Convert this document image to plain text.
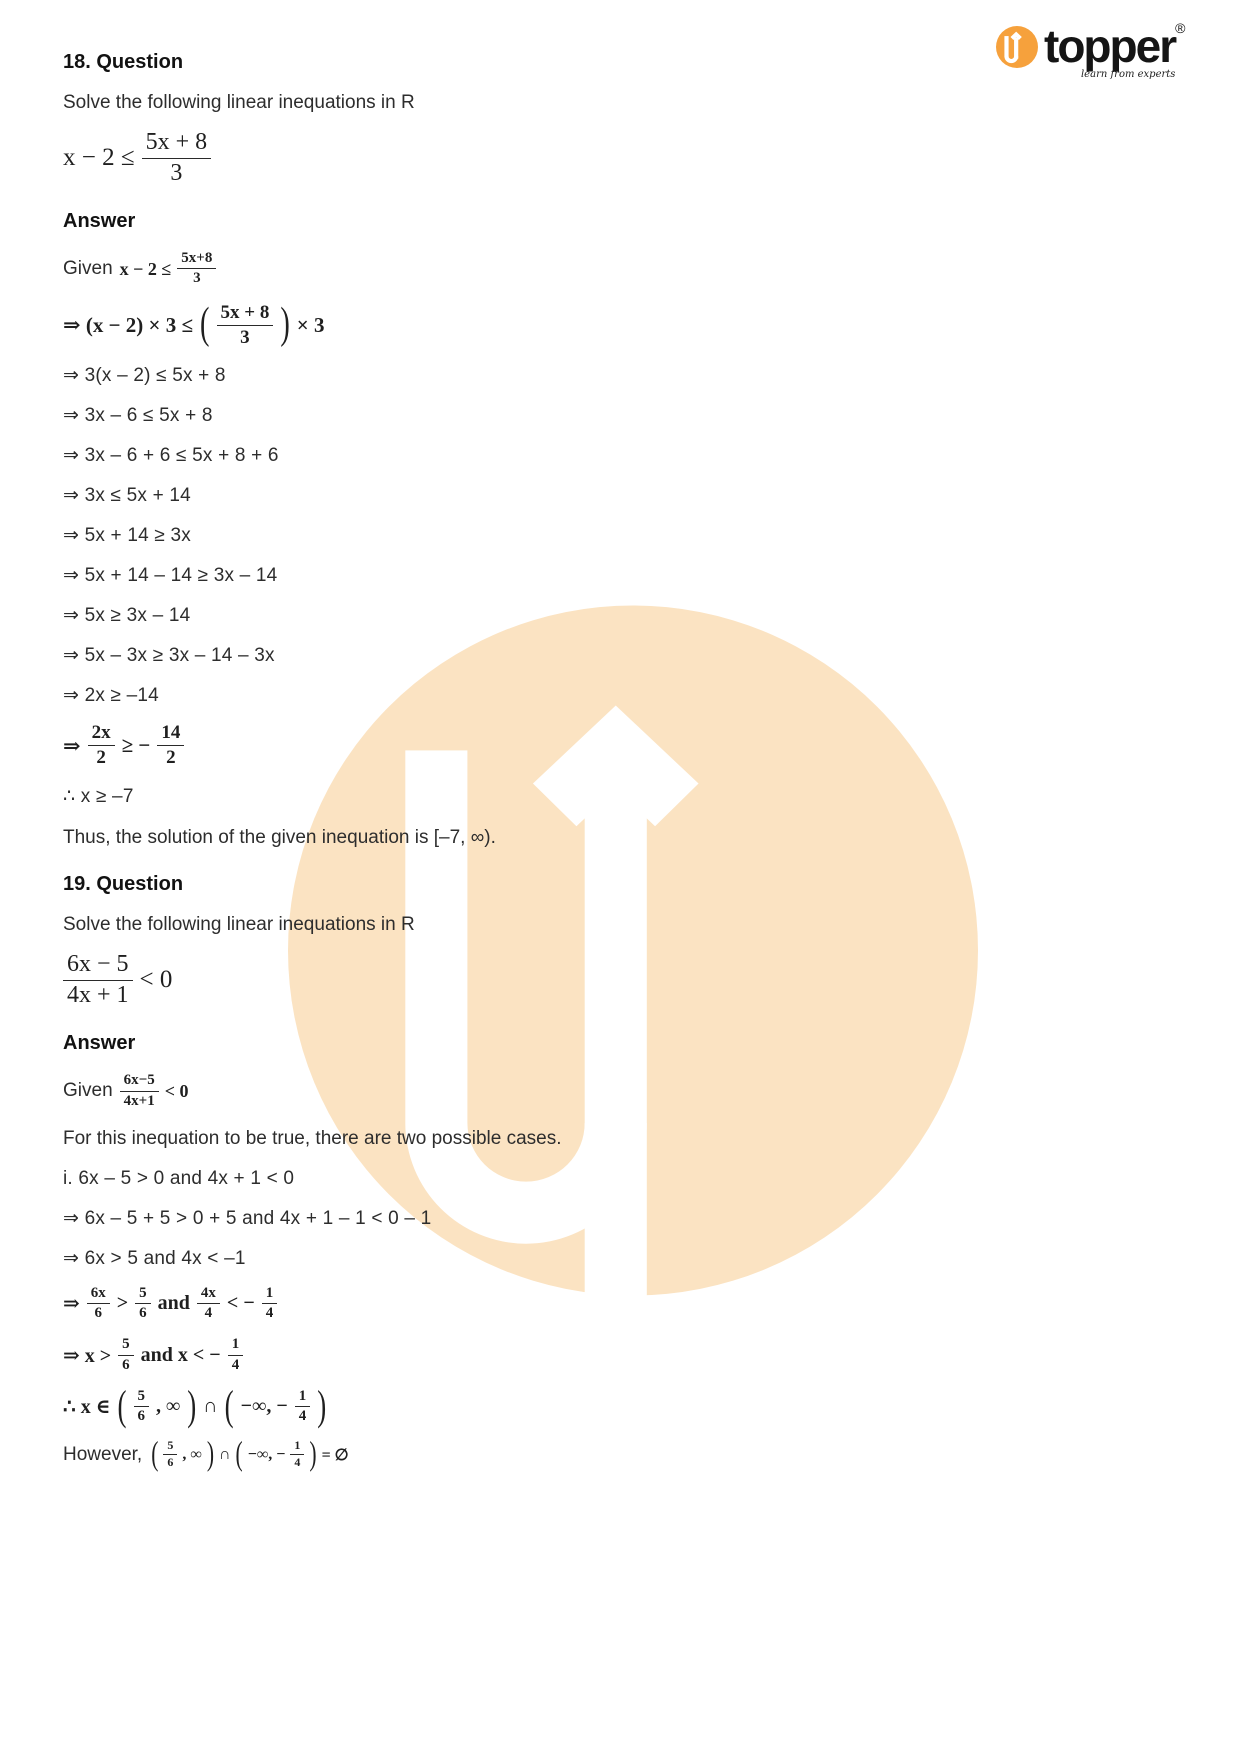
topper®
learn from experts
18. Question
Solve the following linear inequations in R
$x - 2 \le \frac{5x + 8}{3}$
Answer
Given $x - 2 \le \frac{5x+8}{3}$
⇒ (x − 2) × 3 ≤ ( $\frac{5x + 8}{3}$ ) × 3
⇒ 3(x – 2) ≤ 5x + 8
⇒ 3x – 6 ≤ 5x + 8
⇒ 3x – 6 + 6 ≤ 5x + 8 + 6
⇒ 3x ≤ 5x + 14
⇒ 5x + 14 ≥ 3x
⇒ 5x + 14 – 14 ≥ 3x – 14
⇒ 5x ≥ 3x – 14
⇒ 5x – 3x ≥ 3x – 14 – 3x
⇒ 2x ≥ –14
⇒ $\frac{2x}{2}$ ≥ − $\frac{14}{2}$
∴ x ≥ –7
Thus, the solution of the given inequation is [–7, ∞).
19. Question
Solve the following linear inequations in R
$\frac{6x - 5}{4x + 1} < 0$
Answer
Given $\frac{6x-5}{4x+1} < 0$
For this inequation to be true, there are two possible cases.
i. 6x – 5 > 0 and 4x + 1 < 0
⇒ 6x – 5 + 5 > 0 + 5 and 4x + 1 – 1 < 0 – 1
⇒ 6x > 5 and 4x < –1
⇒ $\frac{6x}{6} > \frac{5}{6}$ and $\frac{4x}{4}$ < − $\frac{1}{4}$
⇒ $x > \frac{5}{6}$ and x < − $\frac{1}{4}$
∴ x ∈ ( $\frac{5}{6}$ , ∞ ) ∩ ( −∞, − $\frac{1}{4}$ )
However, ( $\frac{5}{6}$ , ∞ ) ∩ ( −∞, − $\frac{1}{4}$ ) = ∅
